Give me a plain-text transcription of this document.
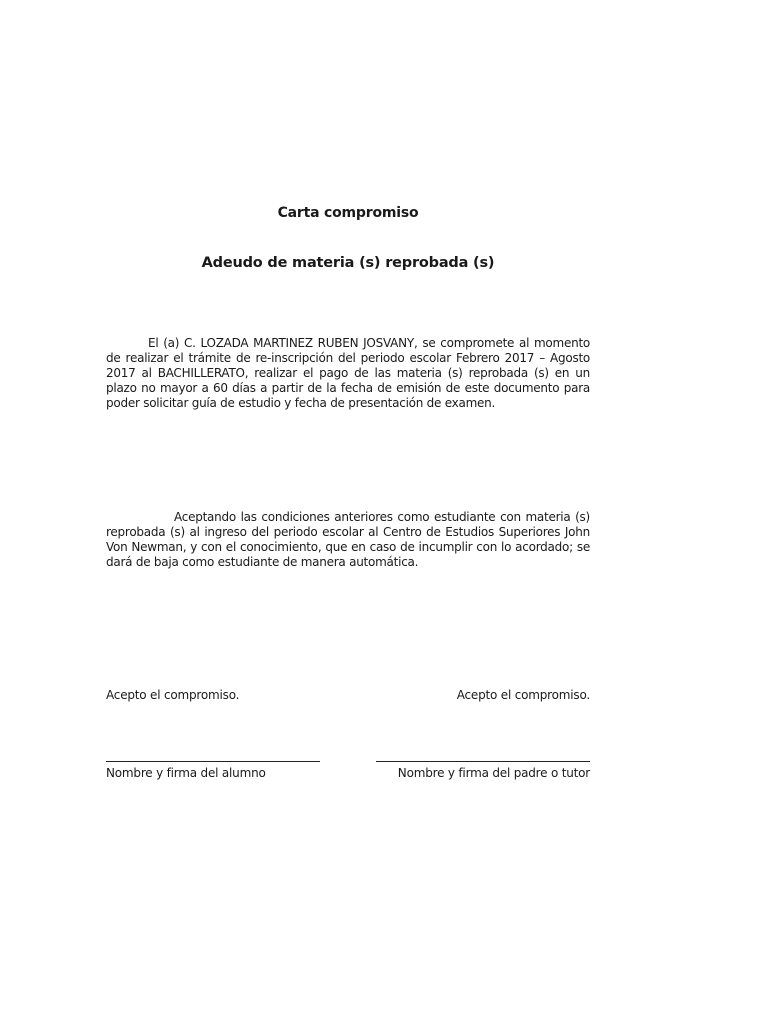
Carta compromiso
Adeudo de materia (s) reprobada (s)

El (a) C. LOZADA MARTINEZ RUBEN JOSVANY, se compromete al momento de realizar el trámite de re-inscripción del periodo escolar Febrero 2017 – Agosto 2017 al BACHILLERATO, realizar el pago de las materia (s) reprobada (s) en un plazo no mayor a 60 días a partir de la fecha de emisión de este documento para poder solicitar guía de estudio y fecha de presentación de examen.

Aceptando las condiciones anteriores como estudiante con materia (s) reprobada (s) al ingreso del periodo escolar al Centro de Estudios Superiores John Von Newman, y con el conocimiento, que en caso de incumplir con lo acordado; se dará de baja como estudiante de manera automática.

Acepto el compromiso.	Acepto el compromiso.
Nombre y firma del alumno	Nombre y firma del padre o tutor
